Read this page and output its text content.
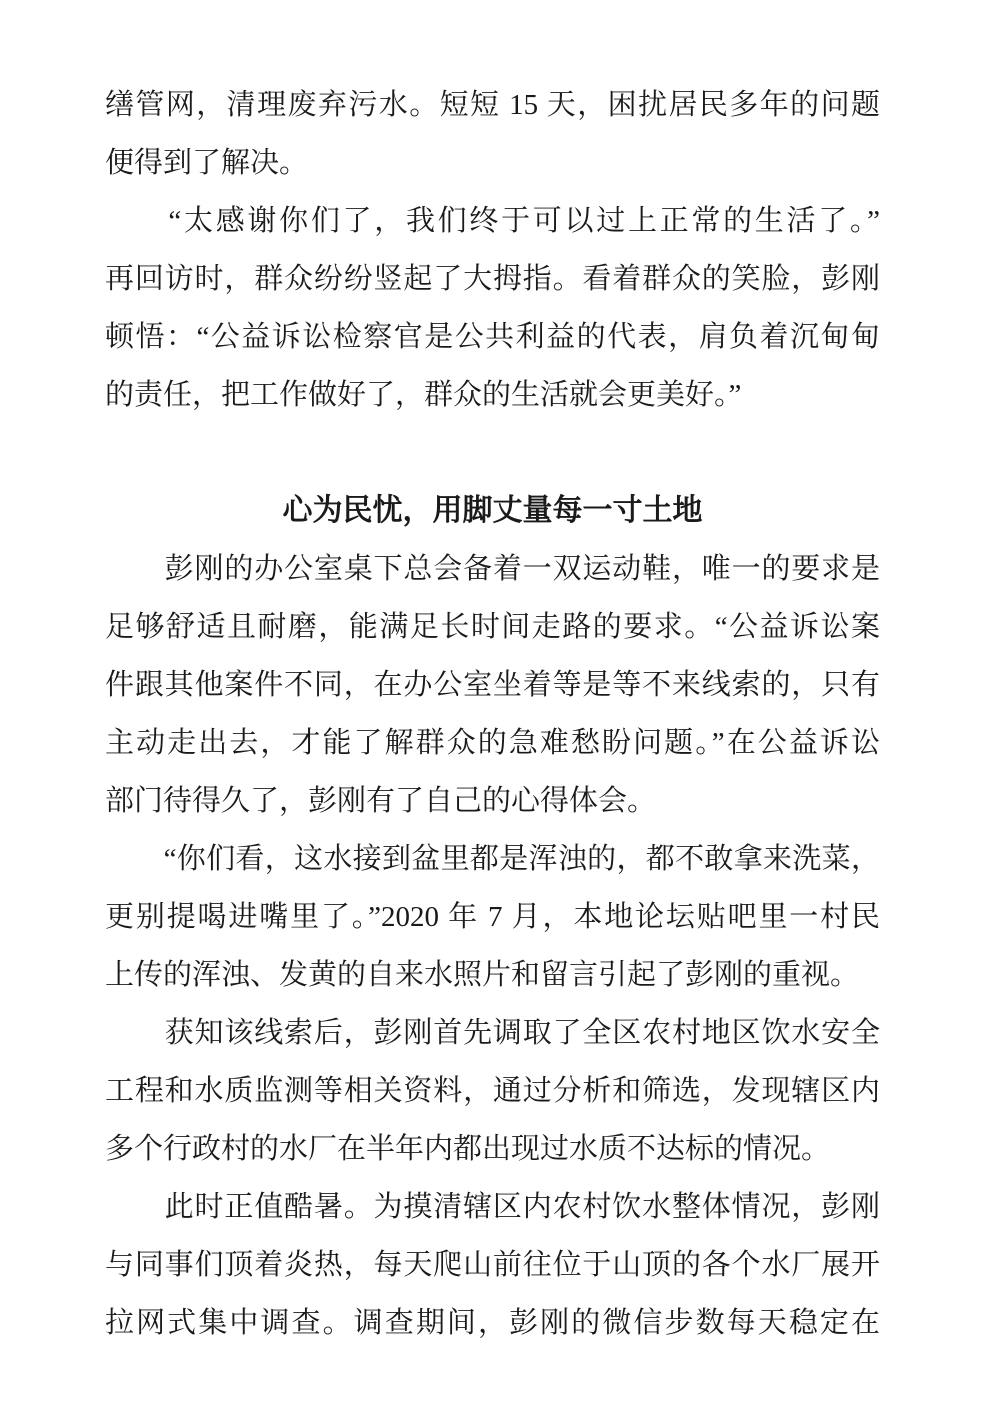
缮管网，清理废弃污水。短短 15 天，困扰居民多年的问题
便得到了解决。
　　“太感谢你们了，我们终于可以过上正常的生活了。”
再回访时，群众纷纷竖起了大拇指。看着群众的笑脸，彭刚
顿悟：“公益诉讼检察官是公共利益的代表，肩负着沉甸甸
的责任，把工作做好了，群众的生活就会更美好。”
心为民忧，用脚丈量每一寸土地
　　彭刚的办公室桌下总会备着一双运动鞋，唯一的要求是
足够舒适且耐磨，能满足长时间走路的要求。“公益诉讼案
件跟其他案件不同，在办公室坐着等是等不来线索的，只有
主动走出去，才能了解群众的急难愁盼问题。”在公益诉讼
部门待得久了，彭刚有了自己的心得体会。
　　“你们看，这水接到盆里都是浑浊的，都不敢拿来洗菜，
更别提喝进嘴里了。”2020 年 7 月，本地论坛贴吧里一村民
上传的浑浊、发黄的自来水照片和留言引起了彭刚的重视。
　　获知该线索后，彭刚首先调取了全区农村地区饮水安全
工程和水质监测等相关资料，通过分析和筛选，发现辖区内
多个行政村的水厂在半年内都出现过水质不达标的情况。
　　此时正值酷暑。为摸清辖区内农村饮水整体情况，彭刚
与同事们顶着炎热，每天爬山前往位于山顶的各个水厂展开
拉网式集中调查。调查期间，彭刚的微信步数每天稳定在
